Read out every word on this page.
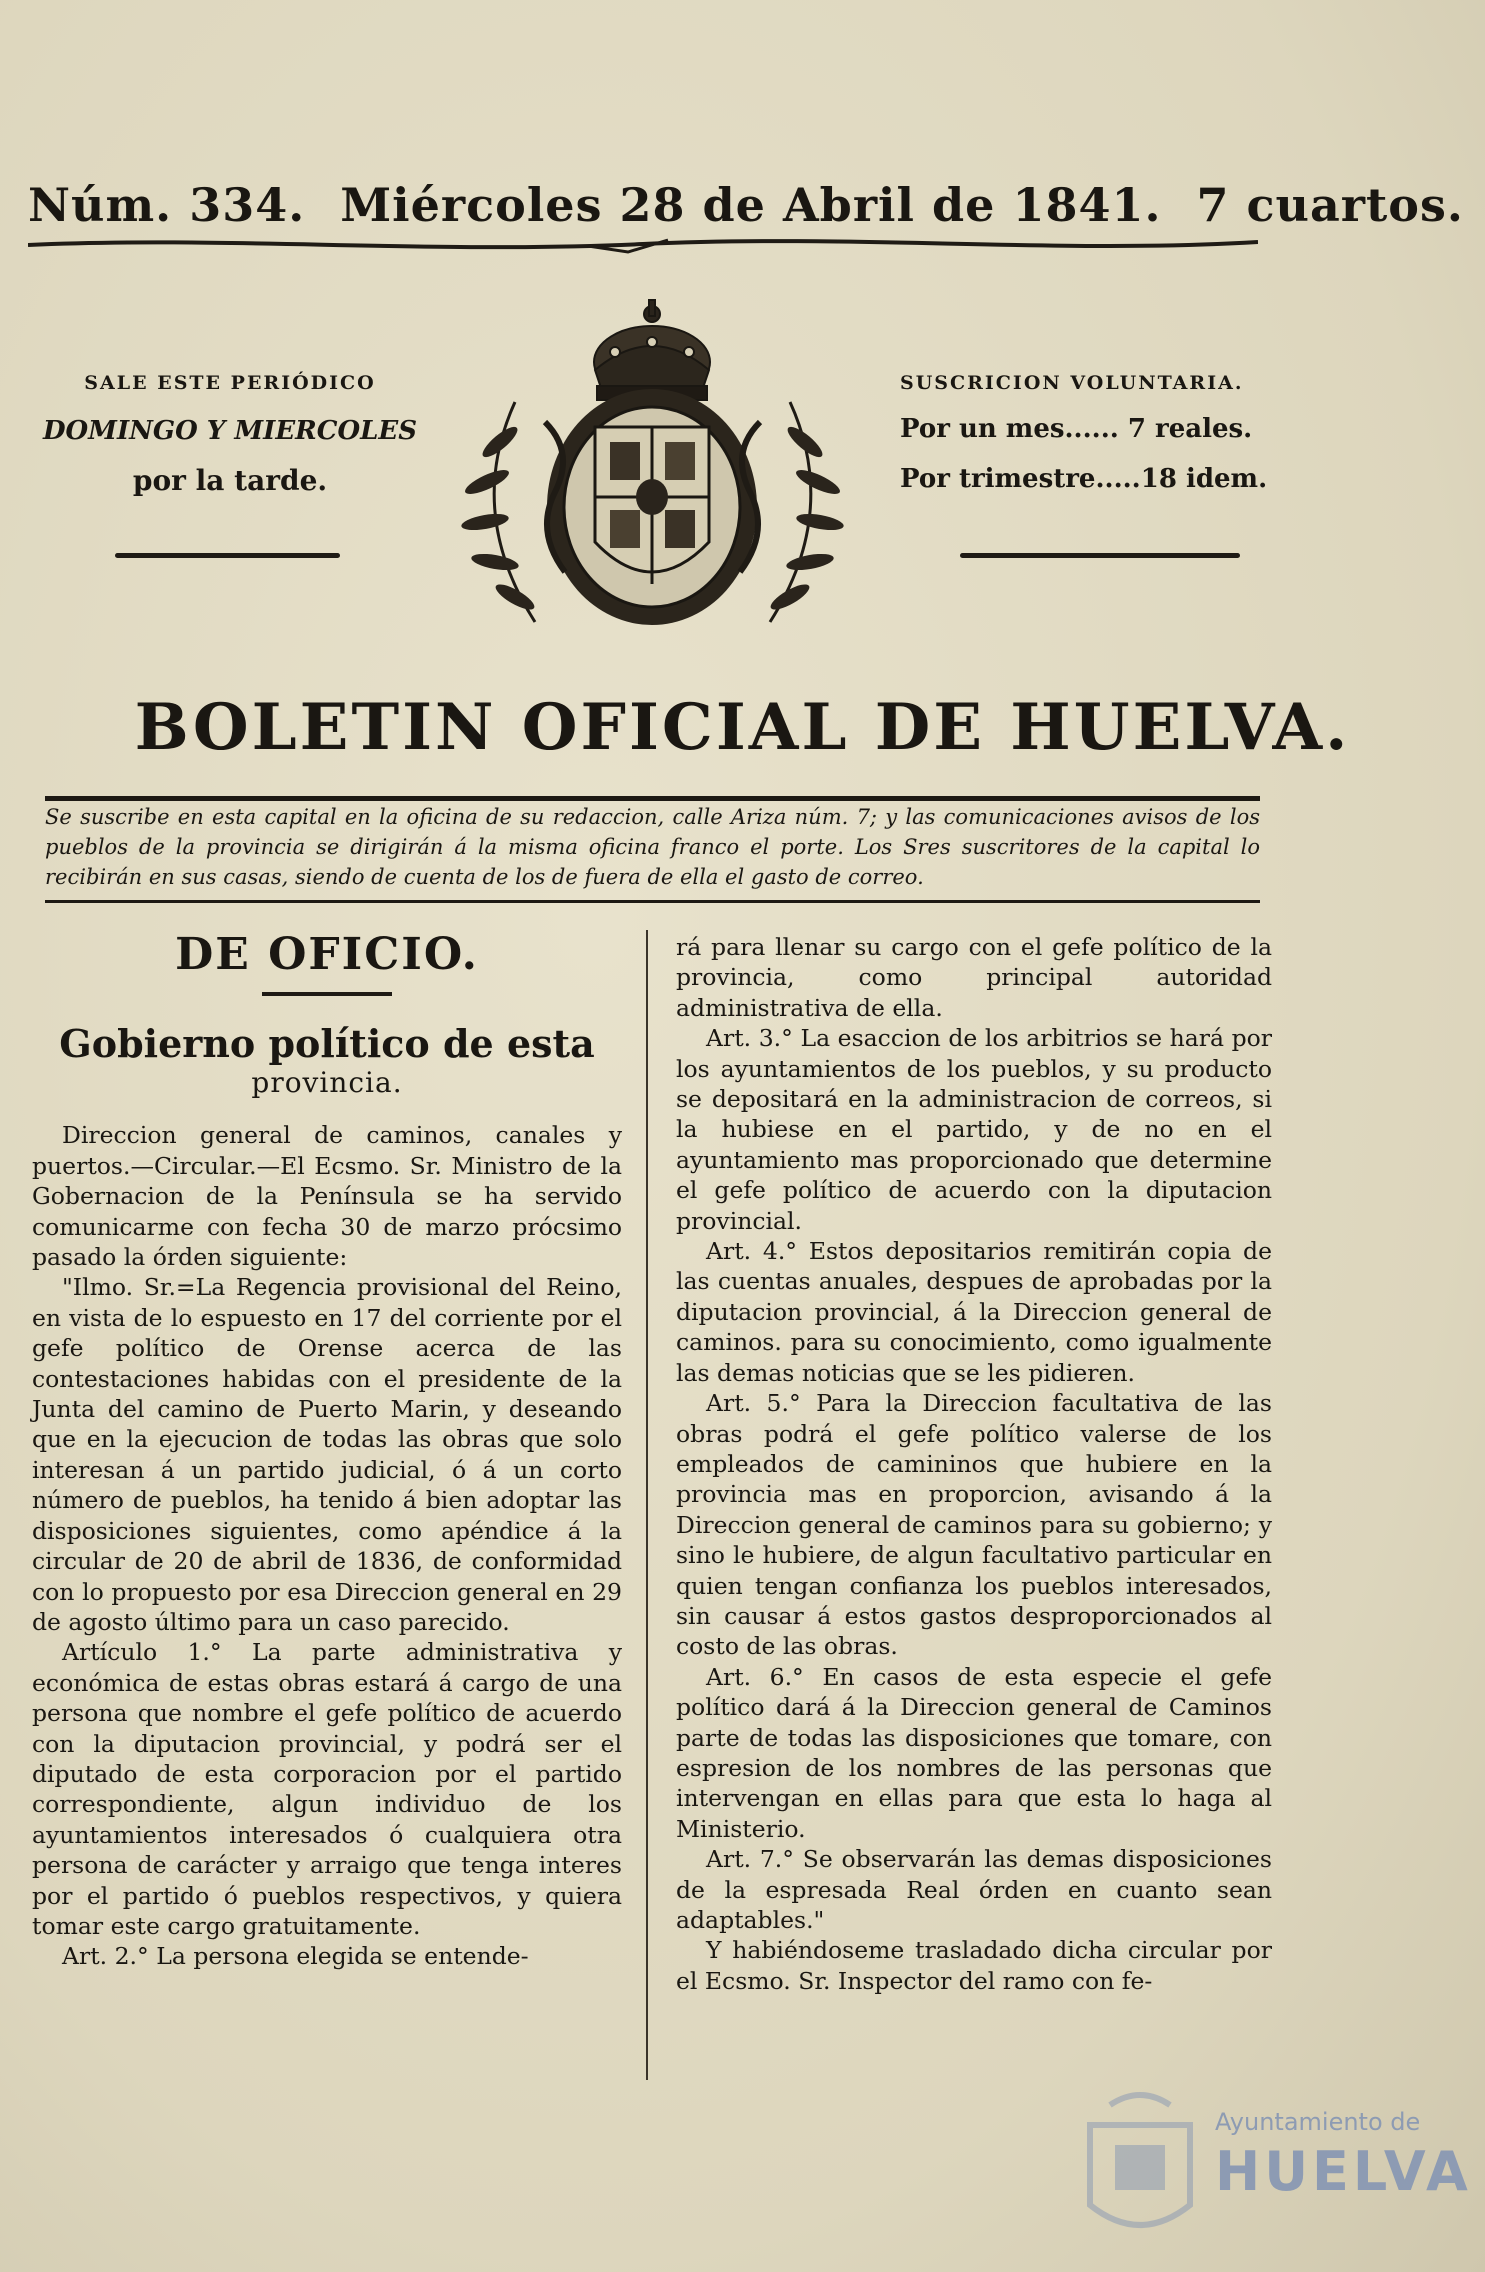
Núm. 334. Miércoles 28 de Abril de 1841. 7 cuartos.
SALE ESTE PERIÓDICO
DOMINGO Y MIERCOLES
por la tarde.
SUSCRICION VOLUNTARIA.
Por un mes...... 7 reales.
Por trimestre.....18 idem.
BOLETIN OFICIAL DE HUELVA.
Se suscribe en esta capital en la oficina de su redaccion, calle Ariza núm. 7; y las comunicaciones avisos de los pueblos de la provincia se dirigirán á la misma oficina franco el porte. Los Sres suscritores de la capital lo recibirán en sus casas, siendo de cuenta de los de fuera de ella el gasto de correo.
DE OFICIO.
Gobierno político de esta
provincia.

Direccion general de caminos, canales y puertos.—Circular.—El Ecsmo. Sr. Ministro de la Gobernacion de la Península se ha servido comunicarme con fecha 30 de marzo prócsimo pasado la órden siguiente:

"Ilmo. Sr.=La Regencia provisional del Reino, en vista de lo espuesto en 17 del corriente por el gefe político de Orense acerca de las contestaciones habidas con el presidente de la Junta del camino de Puerto Marin, y deseando que en la ejecucion de todas las obras que solo interesan á un partido judicial, ó á un corto número de pueblos, ha tenido á bien adoptar las disposiciones siguientes, como apéndice á la circular de 20 de abril de 1836, de conformidad con lo propuesto por esa Direccion general en 29 de agosto último para un caso parecido.

Artículo 1.° La parte administrativa y económica de estas obras estará á cargo de una persona que nombre el gefe político de acuerdo con la diputacion provincial, y podrá ser el diputado de esta corporacion por el partido correspondiente, algun individuo de los ayuntamientos interesados ó cualquiera otra persona de carácter y arraigo que tenga interes por el partido ó pueblos respectivos, y quiera tomar este cargo gratuitamente.

Art. 2.° La persona elegida se entende-

rá para llenar su cargo con el gefe político de la provincia, como principal autoridad administrativa de ella.

Art. 3.° La esaccion de los arbitrios se hará por los ayuntamientos de los pueblos, y su producto se depositará en la administracion de correos, si la hubiese en el partido, y de no en el ayuntamiento mas proporcionado que determine el gefe político de acuerdo con la diputacion provincial.

Art. 4.° Estos depositarios remitirán copia de las cuentas anuales, despues de aprobadas por la diputacion provincial, á la Direccion general de caminos. para su conocimiento, como igualmente las demas noticias que se les pidieren.

Art. 5.° Para la Direccion facultativa de las obras podrá el gefe político valerse de los empleados de camininos que hubiere en la provincia mas en proporcion, avisando á la Direccion general de caminos para su gobierno; y sino le hubiere, de algun facultativo particular en quien tengan confianza los pueblos interesados, sin causar á estos gastos desproporcionados al costo de las obras.

Art. 6.° En casos de esta especie el gefe político dará á la Direccion general de Caminos parte de todas las disposiciones que tomare, con espresion de los nombres de las personas que intervengan en ellas para que esta lo haga al Ministerio.

Art. 7.° Se observarán las demas disposiciones de la espresada Real órden en cuanto sean adaptables."

Y habiéndoseme trasladado dicha circular por el Ecsmo. Sr. Inspector del ramo con fe-

Ayuntamiento de
HUELVA
